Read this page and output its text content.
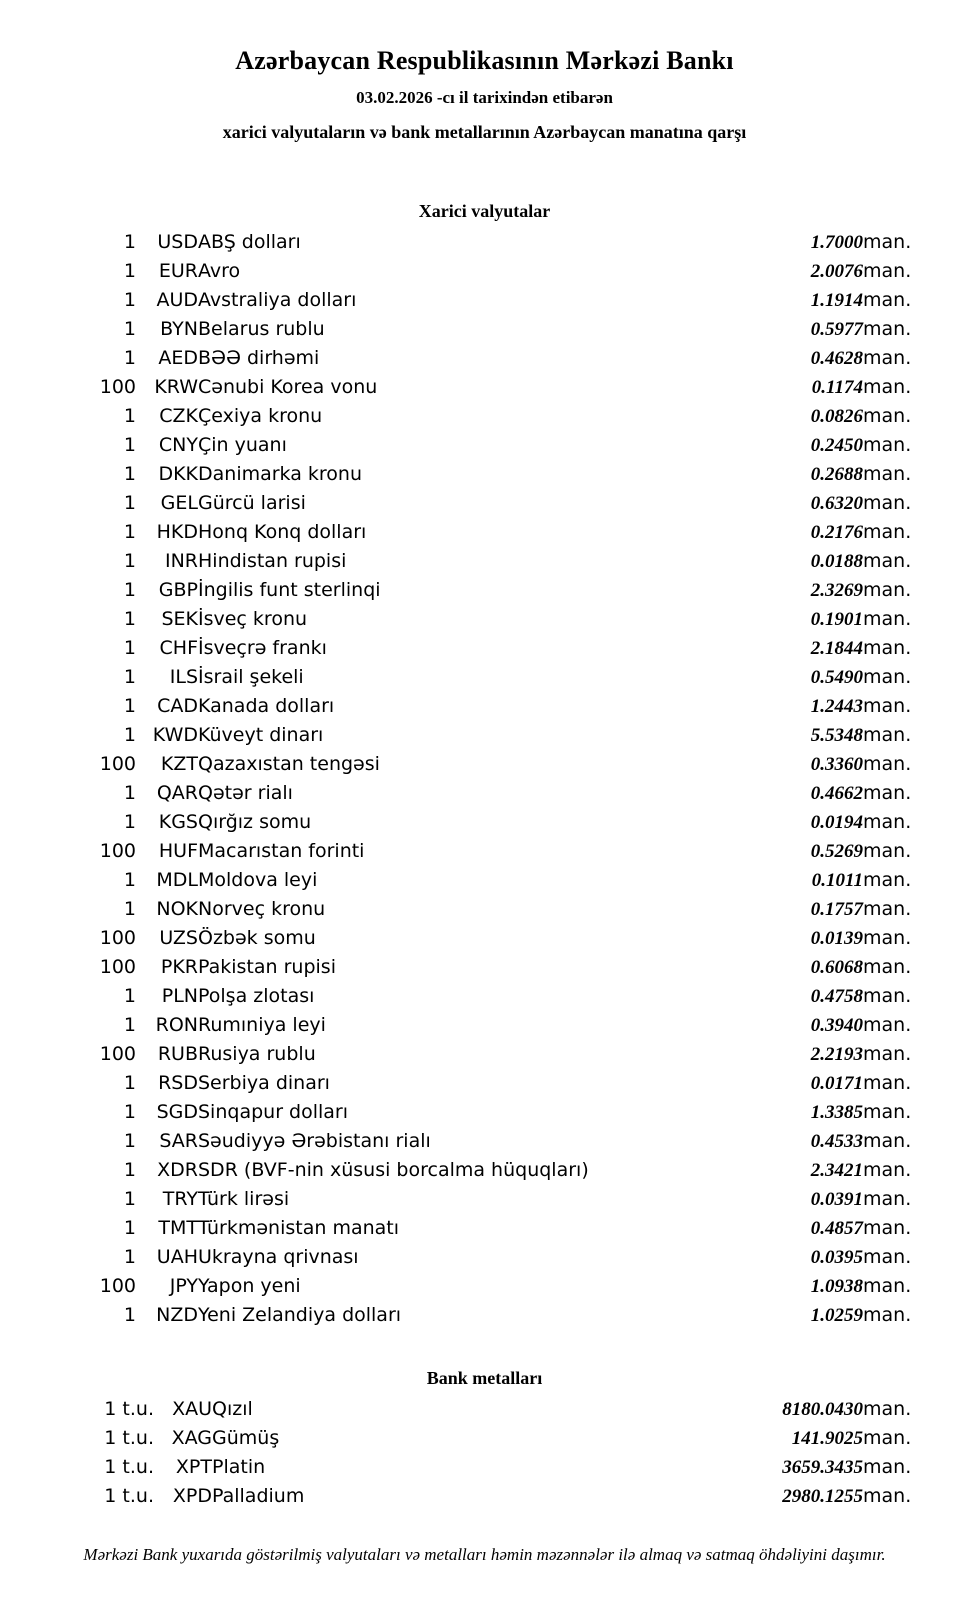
Azərbaycan Respublikasının Mərkəzi Bankı
03.02.2026 -cı il tarixindən etibarən
xarici valyutaların və bank metallarının Azərbaycan manatına qarşı
Xarici valyutalar
1	USD	ABŞ dolları	1.7000	man.
1	EUR	Avro	2.0076	man.
1	AUD	Avstraliya dolları	1.1914	man.
1	BYN	Belarus rublu	0.5977	man.
1	AED	BƏƏ dirhəmi	0.4628	man.
100	KRW	Cənubi Korea vonu	0.1174	man.
1	CZK	Çexiya kronu	0.0826	man.
1	CNY	Çin yuanı	0.2450	man.
1	DKK	Danimarka kronu	0.2688	man.
1	GEL	Gürcü larisi	0.6320	man.
1	HKD	Honq Konq dolları	0.2176	man.
1	INR	Hindistan rupisi	0.0188	man.
1	GBP	İngilis funt sterlinqi	2.3269	man.
1	SEK	İsveç kronu	0.1901	man.
1	CHF	İsveçrə frankı	2.1844	man.
1	ILS	İsrail şekeli	0.5490	man.
1	CAD	Kanada dolları	1.2443	man.
1	KWD	Küveyt dinarı	5.5348	man.
100	KZT	Qazaxıstan tengəsi	0.3360	man.
1	QAR	Qətər rialı	0.4662	man.
1	KGS	Qırğız somu	0.0194	man.
100	HUF	Macarıstan forinti	0.5269	man.
1	MDL	Moldova leyi	0.1011	man.
1	NOK	Norveç kronu	0.1757	man.
100	UZS	Özbək somu	0.0139	man.
100	PKR	Pakistan rupisi	0.6068	man.
1	PLN	Polşa zlotası	0.4758	man.
1	RON	Rumıniya leyi	0.3940	man.
100	RUB	Rusiya rublu	2.2193	man.
1	RSD	Serbiya dinarı	0.0171	man.
1	SGD	Sinqapur dolları	1.3385	man.
1	SAR	Səudiyyə Ərəbistanı rialı	0.4533	man.
1	XDR	SDR (BVF-nin xüsusi borcalma hüquqları)	2.3421	man.
1	TRY	Türk lirəsi	0.0391	man.
1	TMT	Türkmənistan manatı	0.4857	man.
1	UAH	Ukrayna qrivnası	0.0395	man.
100	JPY	Yapon yeni	1.0938	man.
1	NZD	Yeni Zelandiya dolları	1.0259	man.
Bank metalları
1 t.u.	XAU	Qızıl	8180.0430	man.
1 t.u.	XAG	Gümüş	141.9025	man.
1 t.u.	XPT	Platin	3659.3435	man.
1 t.u.	XPD	Palladium	2980.1255	man.

Mərkəzi Bank yuxarıda göstərilmiş valyutaları və metalları həmin məzənnələr ilə almaq və satmaq öhdəliyini daşımır.
